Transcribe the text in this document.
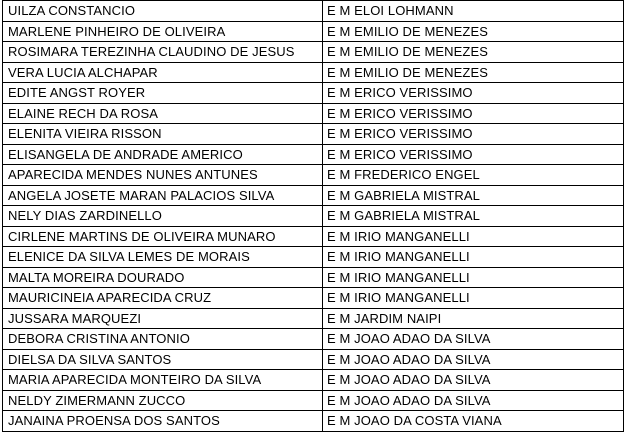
UILZA CONSTANCIO	E M ELOI LOHMANN
MARLENE PINHEIRO DE OLIVEIRA	E M EMILIO DE MENEZES
ROSIMARA TEREZINHA CLAUDINO DE JESUS	E M EMILIO DE MENEZES
VERA LUCIA ALCHAPAR	E M EMILIO DE MENEZES
EDITE ANGST ROYER	E M ERICO VERISSIMO
ELAINE RECH DA ROSA	E M ERICO VERISSIMO
ELENITA VIEIRA RISSON	E M ERICO VERISSIMO
ELISANGELA DE ANDRADE AMERICO	E M ERICO VERISSIMO
APARECIDA MENDES NUNES ANTUNES	E M FREDERICO ENGEL
ANGELA JOSETE MARAN PALACIOS SILVA	E M GABRIELA MISTRAL
NELY DIAS ZARDINELLO	E M GABRIELA MISTRAL
CIRLENE MARTINS DE OLIVEIRA MUNARO	E M IRIO MANGANELLI
ELENICE DA SILVA LEMES DE MORAIS	E M IRIO MANGANELLI
MALTA MOREIRA DOURADO	E M IRIO MANGANELLI
MAURICINEIA APARECIDA CRUZ	E M IRIO MANGANELLI
JUSSARA MARQUEZI	E M JARDIM NAIPI
DEBORA CRISTINA ANTONIO	E M JOAO ADAO DA SILVA
DIELSA DA SILVA SANTOS	E M JOAO ADAO DA SILVA
MARIA APARECIDA MONTEIRO DA SILVA	E M JOAO ADAO DA SILVA
NELDY ZIMERMANN ZUCCO	E M JOAO ADAO DA SILVA
JANAINA PROENSA DOS SANTOS	E M JOAO DA COSTA VIANA
